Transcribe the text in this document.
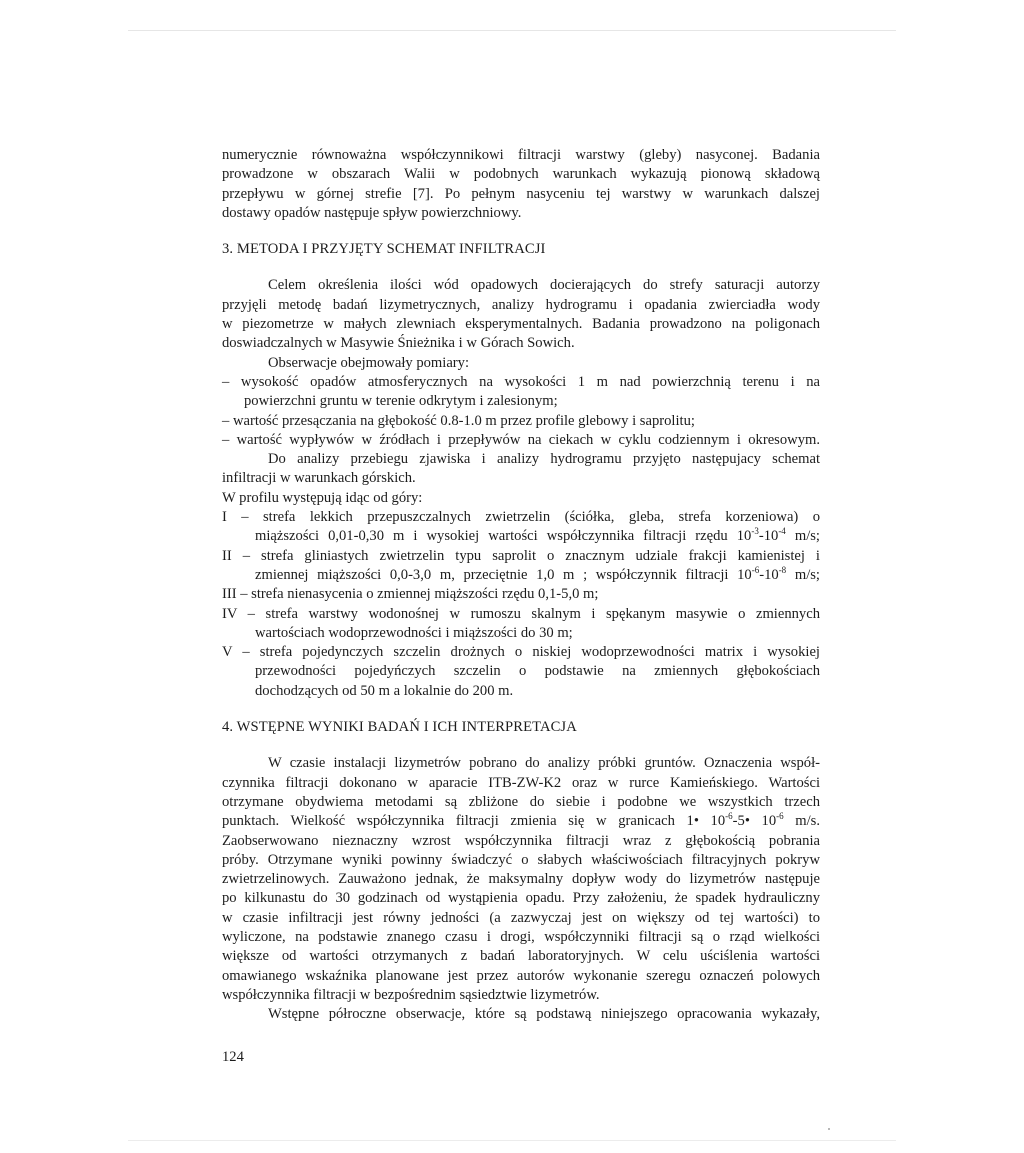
numerycznie równoważna współczynnikowi filtracji warstwy (gleby) nasyconej. Badania
prowadzone w obszarach Walii w podobnych warunkach wykazują pionową składową
przepływu w górnej strefie [7]. Po pełnym nasyceniu tej warstwy w warunkach dalszej
dostawy opadów następuje spływ powierzchniowy.
3. METODA I PRZYJĘTY SCHEMAT INFILTRACJI
Celem określenia ilości wód opadowych docierających do strefy saturacji autorzy
przyjęli metodę badań lizymetrycznych, analizy hydrogramu i opadania zwierciadła wody
w piezometrze w małych zlewniach eksperymentalnych. Badania prowadzono na poligonach
doswiadczalnych w Masywie Śnieżnika i w Górach Sowich.
Obserwacje obejmowały pomiary:
– wysokość opadów atmosferycznych na wysokości 1 m nad powierzchnią terenu i na
powierzchni gruntu w terenie odkrytym i zalesionym;
– wartość przesączania na głębokość 0.8-1.0 m przez profile glebowy i saprolitu;
– wartość wypływów w źródłach i przepływów na ciekach w cyklu codziennym i okresowym.
Do analizy przebiegu zjawiska i analizy hydrogramu przyjęto następujacy schemat
infiltracji w warunkach górskich.
W profilu występują idąc od góry:
I – strefa lekkich przepuszczalnych zwietrzelin (ściółka, gleba, strefa korzeniowa) o
miąższości 0,01-0,30 m i wysokiej wartości współczynnika filtracji rzędu $10^{-3}-10^{-4}$ m/s;
II – strefa gliniastych zwietrzelin typu saprolit o znacznym udziale frakcji kamienistej i
zmiennej miąższości 0,0-3,0 m, przeciętnie 1,0 m ; współczynnik filtracji $10^{-6}-10^{-8}$ m/s;
III – strefa nienasycenia o zmiennej miąższości rzędu 0,1-5,0 m;
IV – strefa warstwy wodonośnej w rumoszu skalnym i spękanym masywie o zmiennych
wartościach wodoprzewodności i miąższości do 30 m;
V – strefa pojedynczych szczelin drożnych o niskiej wodoprzewodności matrix i wysokiej
przewodności pojedyńczych szczelin o podstawie na zmiennych głębokościach
dochodzących od 50 m a lokalnie do 200 m.
4. WSTĘPNE WYNIKI BADAŃ I ICH INTERPRETACJA
W czasie instalacji lizymetrów pobrano do analizy próbki gruntów. Oznaczenia współ-
czynnika filtracji dokonano w aparacie ITB-ZW-K2 oraz w rurce Kamieńskiego. Wartości
otrzymane obydwiema metodami są zbliżone do siebie i podobne we wszystkich trzech
punktach. Wielkość współczynnika filtracji zmienia się w granicach 1• $10^{-6}-5•$ $10^{-6}$ m/s.
Zaobserwowano nieznaczny wzrost współczynnika filtracji wraz z głębokością pobrania
próby. Otrzymane wyniki powinny świadczyć o słabych właściwościach filtracyjnych pokryw
zwietrzelinowych. Zauważono jednak, że maksymalny dopływ wody do lizymetrów następuje
po kilkunastu do 30 godzinach od wystąpienia opadu. Przy założeniu, że spadek hydrauliczny
w czasie infiltracji jest równy jedności (a zazwyczaj jest on większy od tej wartości) to
wyliczone, na podstawie znanego czasu i drogi, współczynniki filtracji są o rząd wielkości
większe od wartości otrzymanych z badań laboratoryjnych. W celu uściślenia wartości
omawianego wskaźnika planowane jest przez autorów wykonanie szeregu oznaczeń polowych
współczynnika filtracji w bezpośrednim sąsiedztwie lizymetrów.
Wstępne półroczne obserwacje, które są podstawą niniejszego opracowania wykazały,
124
